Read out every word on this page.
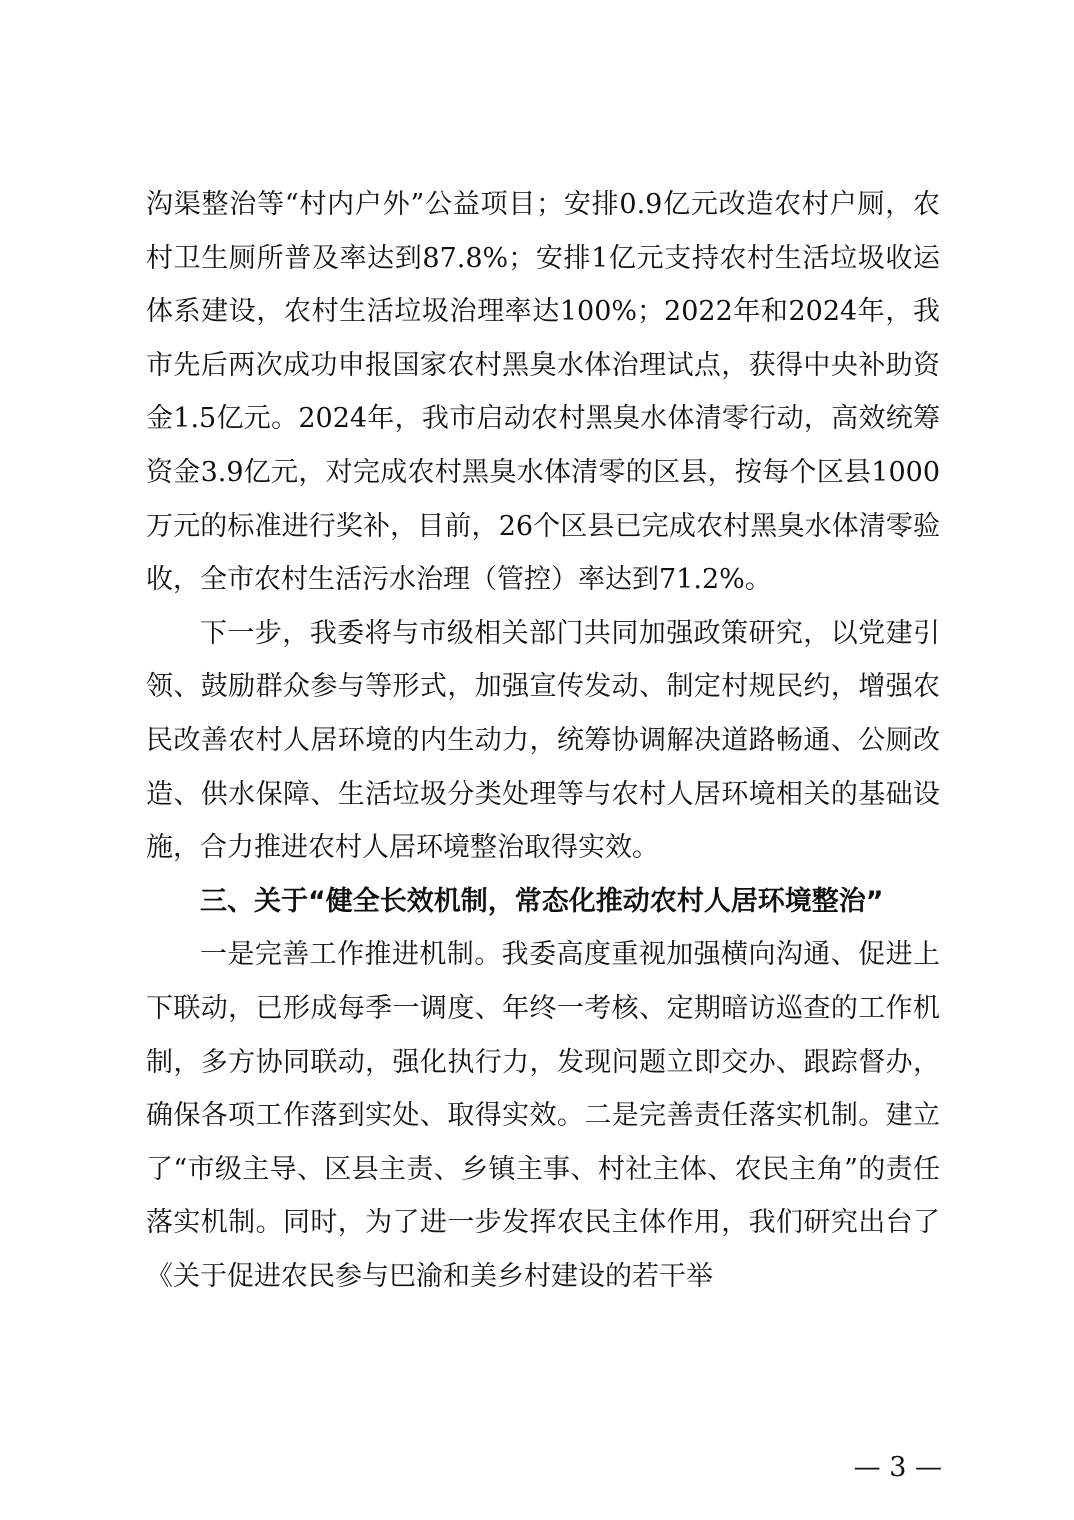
沟渠整治等“村内户外”公益项目；安排0.9亿元改造农村户厕，农村卫生厕所普及率达到87.8%；安排1亿元支持农村生活垃圾收运体系建设，农村生活垃圾治理率达100%；2022年和2024年，我市先后两次成功申报国家农村黑臭水体治理试点，获得中央补助资金1.5亿元。2024年，我市启动农村黑臭水体清零行动，高效统筹资金3.9亿元，对完成农村黑臭水体清零的区县，按每个区县1000万元的标准进行奖补，目前，26个区县已完成农村黑臭水体清零验收，全市农村生活污水治理（管控）率达到71.2%。

下一步，我委将与市级相关部门共同加强政策研究，以党建引领、鼓励群众参与等形式，加强宣传发动、制定村规民约，增强农民改善农村人居环境的内生动力，统筹协调解决道路畅通、公厕改造、供水保障、生活垃圾分类处理等与农村人居环境相关的基础设施，合力推进农村人居环境整治取得实效。

三、关于“健全长效机制，常态化推动农村人居环境整治”

一是完善工作推进机制。我委高度重视加强横向沟通、促进上下联动，已形成每季一调度、年终一考核、定期暗访巡查的工作机制，多方协同联动，强化执行力，发现问题立即交办、跟踪督办，确保各项工作落到实处、取得实效。二是完善责任落实机制。建立了“市级主导、区县主责、乡镇主事、村社主体、农民主角”的责任落实机制。同时，为了进一步发挥农民主体作用，我们研究出台了《关于促进农民参与巴渝和美乡村建设的若干举

— 3 —
